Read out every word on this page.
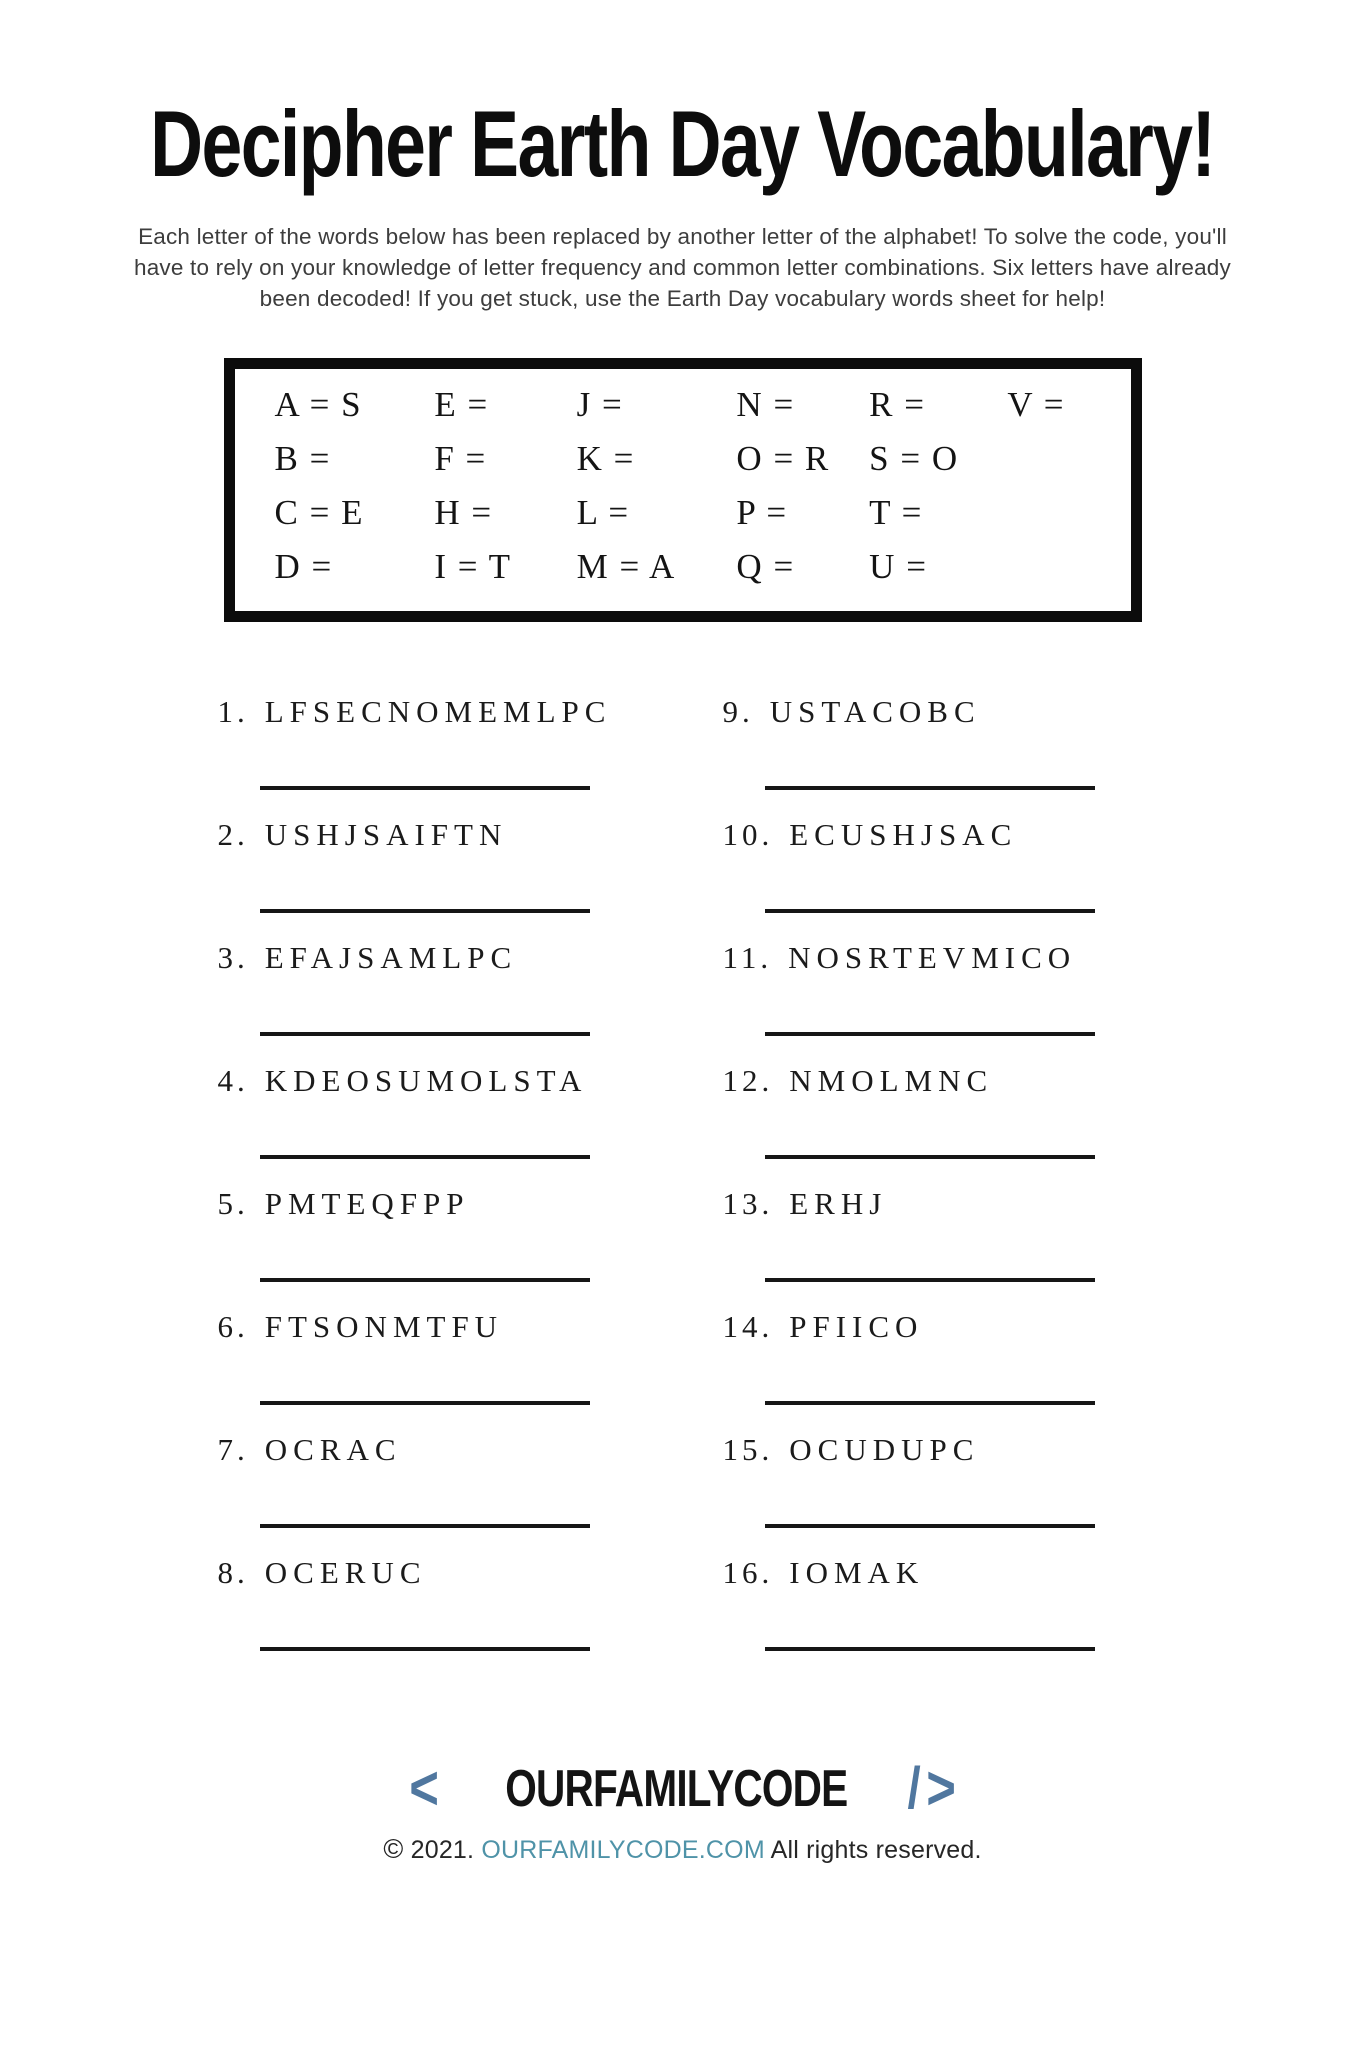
Decipher Earth Day Vocabulary!

Each letter of the words below has been replaced by another letter of the alphabet! To solve the code, you'll have to rely on your knowledge of letter frequency and common letter combinations. Six letters have already been decoded! If you get stuck, use the Earth Day vocabulary words sheet for help!

A = S	E =	J =	N =	R =	V =
B =	F =	K =	O = R	S = O
C = E	H =	L =	P =	T =
D =	I = T	M = A	Q =	U =
1. LFSECNOMEMLPC
2. USHJSAIFTN
3. EFAJSAMLPC
4. KDEOSUMOLSTA
5. PMTEQFPP
6. FTSONMTFU
7. OCRAC
8. OCERUC
9. USTACOBC
10. ECUSHJSAC
11. NOSRTEVMICO
12. NMOLMNC
13. ERHJ
14. PFIICO
15. OCUDUPC
16. IOMAK
< OURFAMILYCODE / >
© 2021. OURFAMILYCODE.COM All rights reserved.
